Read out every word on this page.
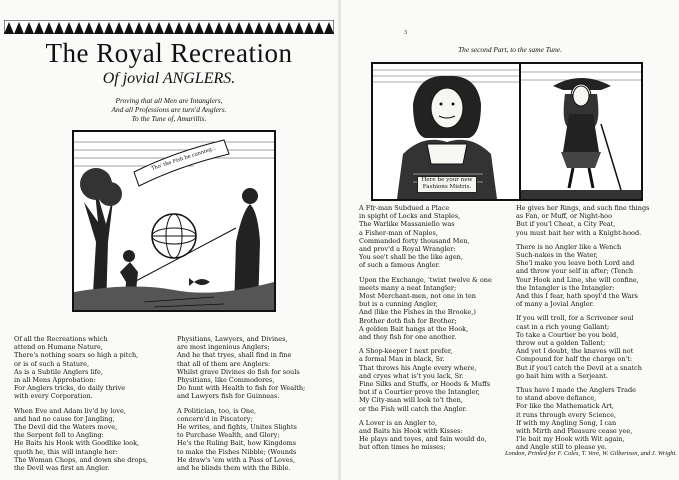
The Royal Recreation
Of jovial ANGLERS.
Proving that all Men are Intanglers,
And all Professions are turn'd Anglers.
To the Tune of, Amarillis.
Tho' the Fish be cunning...
Of all the Recreations which
attend on Humane Nature,
There's nothing soars so high a pitch,
or is of such a Stature,
As is a Subtile Anglers life,
in all Mens Approbation:
For Anglers tricks, do daily thrive
with every Corporation.
When Eve and Adam liv'd by love,
and had no cause for Jangling,
The Devil did the Waters move,
the Serpent fell to Angling:
He Baits his Hook with Goodlike look,
quoth he, this will intangle her:
The Woman Chops, and down she drops,
the Devil was first an Angler.
Physitians, Lawyers, and Divines,
are most ingenious Anglers;
And he that tryes, shall find in fine
that all of them are Anglers:
Whilst grave Divines do fish for souls
Physitians, like Commodores,
Do hunt with Health to fish for Wealth;
and Lawyers fish for Guinneas.
A Politician, too, is One,
concern'd in Piscatory;
He writes, and fights, Unites Slights
to Purchase Wealth, and Glory;
He's the Ruling Bait, how Kingdoms
to make the Fishes Nibble; (Wounds
He draw's 'em with a Pass of Loves,
and he blinds them with the Bible.
3
The second Part, to the same Tune.
Here be your new Fashions Mistris.
A Ffr-man Subdued a Place
in spight of Locks and Staples,
The Warlike Massaniello was
a Fisher-man of Naples,
Commanded forty thousand Men,
and prov'd a Royal Wrangler:
You see't shall be the like agen,
of such a famous Angler.
Upon the Exchange, 'twixt twelve & one
meets many a neat Intangler;
Most Merchant-men, not one in ten
but is a cunning Angler,
And (like the Fishes in the Brooke,)
Brother doth fish for Brother;
A golden Bait hangs at the Hook,
and they fish for one another.
A Shop-keeper I next prefer,
a formal Man in black, Sr.
That throws his Angle every where,
and cryes what is't you lack, Sr.
Fine Silks and Stuffs, or Hoods & Muffs
but if a Courtier prove the Intangler,
My City-man will look to't then,
or the Fish will catch the Angler.
A Lover is an Angler to,
and Baits his Hook with Kisses:
He plays and toyes, and fain would do,
but often times he misses;
He gives her Rings, and such fine things
as Fan, or Muff, or Night-hoo
But if you'l Cheat, a City Peat,
you must bait her with a Knight-hood.
There is no Angler like a Wench
Such-nakes in the Water,
She'l make you leave both Lord and
and throw your self in after; (Tench
Your Hook and Line, she will confine,
the Intangler is the Intangler:
And this I fear, hath spoyl'd the Wars
of many a Jovial Angler.
If you will troll, for a Scrivener soul
cast in a rich young Gallant;
To take a Courtier be you bold,
throw out a golden Tallent;
And yet I doubt, the knaves will not
Compound for half the charge on't:
But if you'l catch the Devil at a snatch
go bait him with a Serjeant.
Thus have I made the Anglers Trade
to stand above defiance,
For like the Mathematick Art,
it runs through every Science,
If with my Angling Song, I can
with Mirth and Pleasure cease yee,
I'le bait my Hook with Wit again,
and Angle still to please ye.
London, Printed for F. Coles, T. Vere, W. Gilbertson, and J. Wright.
